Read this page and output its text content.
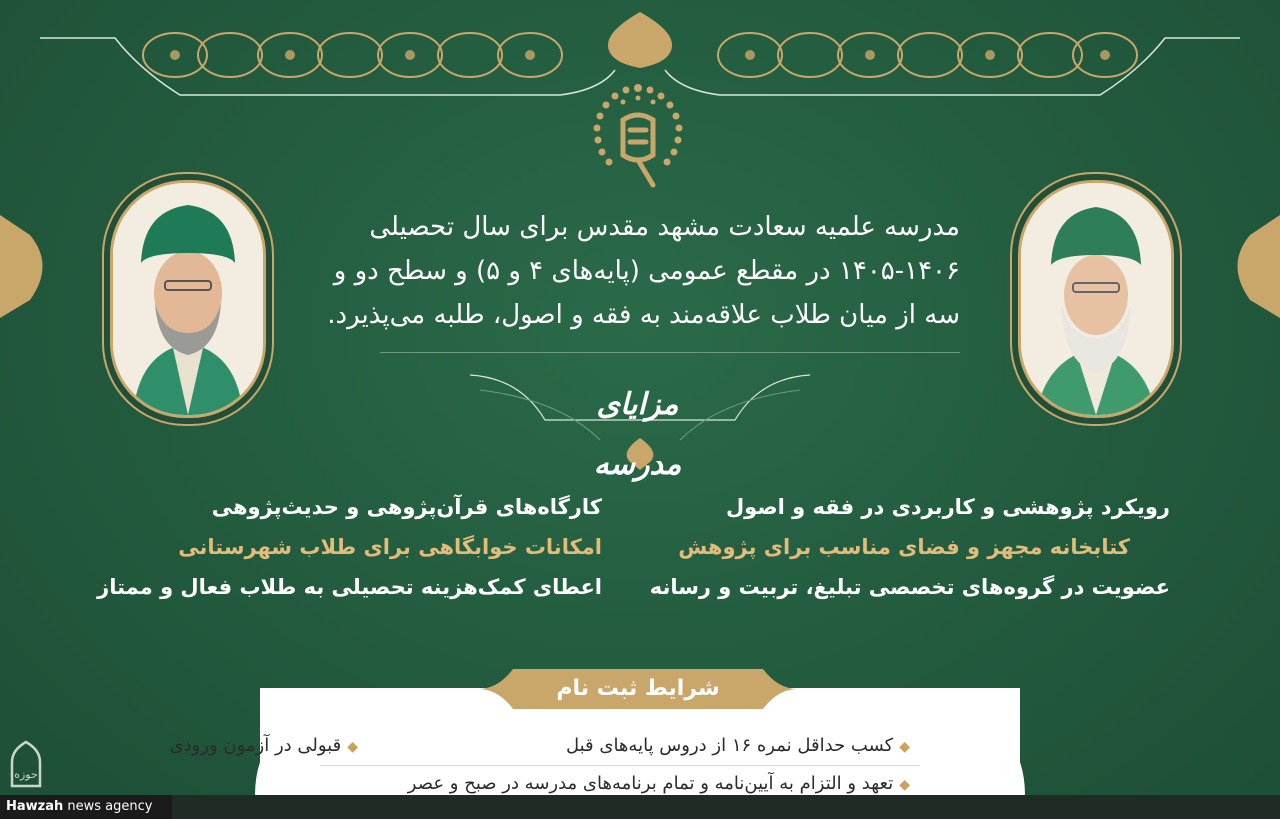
مدرسه علمیه سعادت مشهد مقدس برای سال تحصیلی
۱۴۰۵-۱۴۰۶ در مقطع عمومی (پایه‌های ۴ و ۵) و سطح دو و
سه از میان طلاب علاقه‌مند به فقه و اصول، طلبه می‌پذیرد.
مزایای مدرسه
رویکرد پژوهشی و کاربردی در فقه و اصول
کتابخانه مجهز و فضای مناسب برای پژوهش
عضویت در گروه‌های تخصصی تبلیغ، تربیت و رسانه
کارگاه‌های قرآن‌پژوهی و حدیث‌پژوهی
امکانات خوابگاهی برای طلاب شهرستانی
اعطای کمک‌هزینه تحصیلی به طلاب فعال و ممتاز
شرایط ثبت نام
◆کسب حداقل نمره ۱۶ از دروس پایه‌های قبل
◆قبولی در آزمون ورودی
◆تعهد و التزام به آیین‌نامه و تمام برنامه‌های مدرسه در صبح و عصر
حوزه
Hawzah news agency
